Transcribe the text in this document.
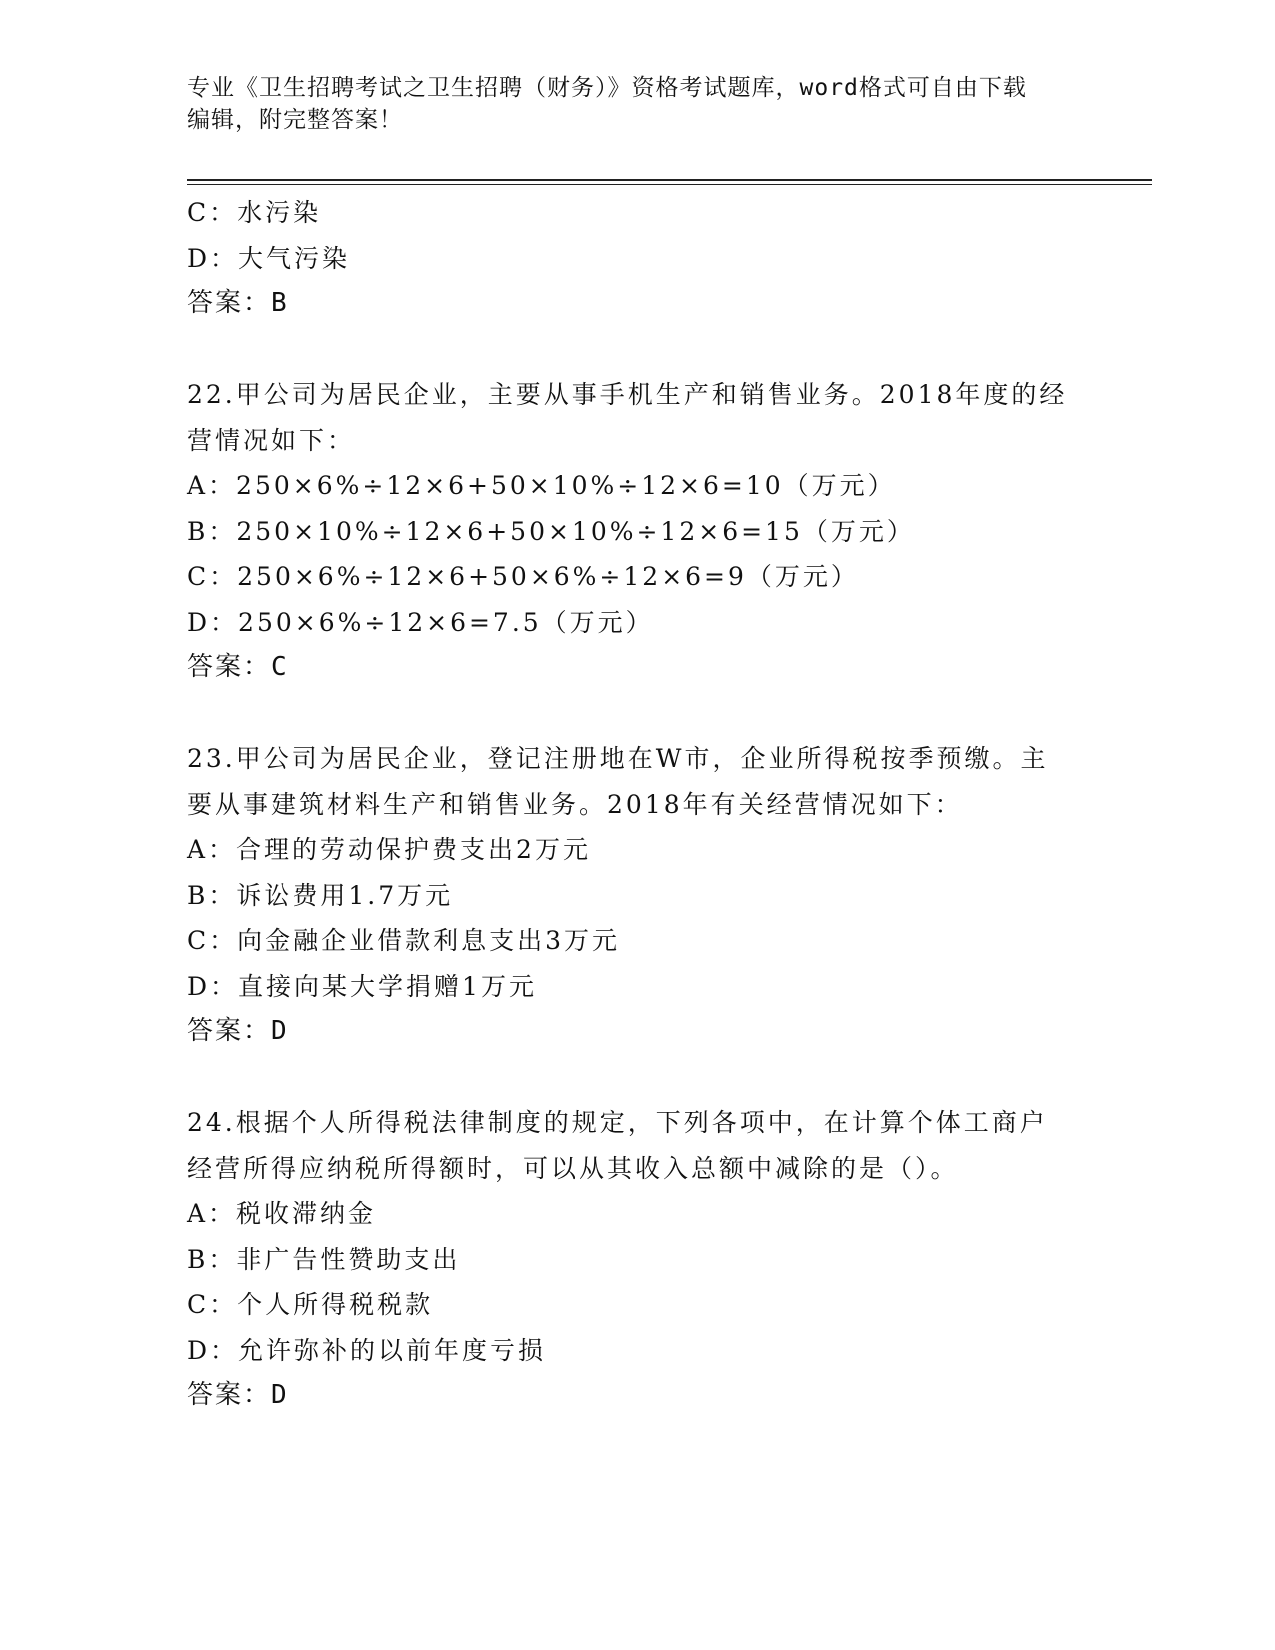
专业《卫生招聘考试之卫生招聘（财务）》资格考试题库，word格式可自由下载
编辑，附完整答案！
C：水污染
D：大气污染
答案：B
22.甲公司为居民企业，主要从事手机生产和销售业务。2018年度的经
营情况如下：
A：250×6%÷12×6+50×10%÷12×6=10（万元）
B：250×10%÷12×6+50×10%÷12×6=15（万元）
C：250×6%÷12×6+50×6%÷12×6=9（万元）
D：250×6%÷12×6=7.5（万元）
答案：C
23.甲公司为居民企业，登记注册地在W市，企业所得税按季预缴。主
要从事建筑材料生产和销售业务。2018年有关经营情况如下：
A：合理的劳动保护费支出2万元
B：诉讼费用1.7万元
C：向金融企业借款利息支出3万元
D：直接向某大学捐赠1万元
答案：D
24.根据个人所得税法律制度的规定，下列各项中，在计算个体工商户
经营所得应纳税所得额时，可以从其收入总额中减除的是（）。
A：税收滞纳金
B：非广告性赞助支出
C：个人所得税税款
D：允许弥补的以前年度亏损
答案：D
